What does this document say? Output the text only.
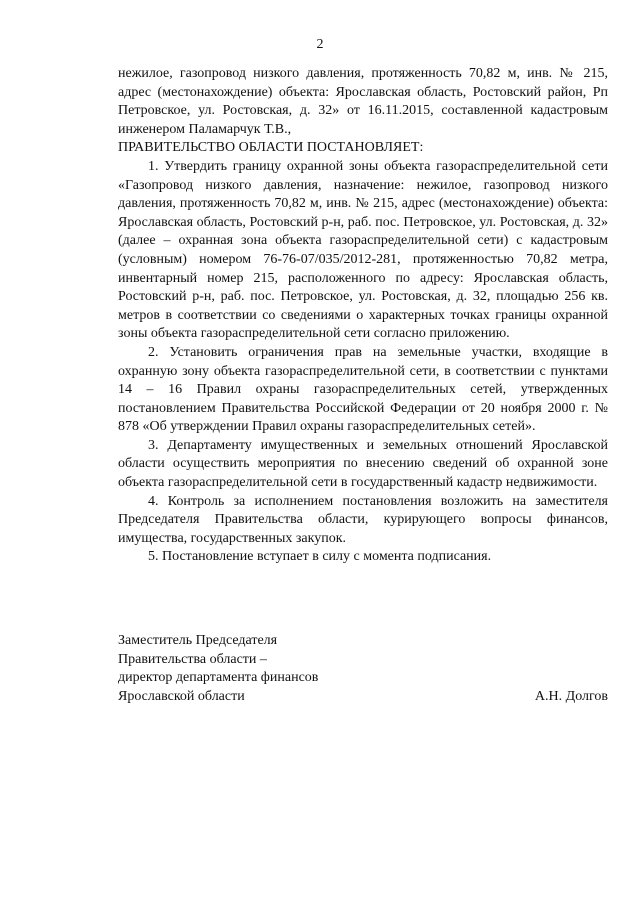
2

нежилое, газопровод низкого давления, протяженность 70,82 м, инв. № 215, адрес (местонахождение) объекта: Ярославская область, Ростовский район, Рп Петровское, ул. Ростовская, д. 32» от 16.11.2015, составленной кадастровым инженером Паламарчук Т.В.,

ПРАВИТЕЛЬСТВО ОБЛАСТИ ПОСТАНОВЛЯЕТ:

1. Утвердить границу охранной зоны объекта газораспределительной сети «Газопровод низкого давления, назначение: нежилое, газопровод низкого давления, протяженность 70,82 м, инв. № 215, адрес (местонахождение) объекта: Ярославская область, Ростовский р-н, раб. пос. Петровское, ул. Ростовская, д. 32» (далее – охранная зона объекта газораспределительной сети) с кадастровым (условным) номером 76-76-07/035/2012-281, протяженностью 70,82 метра, инвентарный номер 215, расположенного по адресу: Ярославская область, Ростовский р-н, раб. пос. Петровское, ул. Ростовская, д. 32, площадью 256 кв. метров в соответствии со сведениями о характерных точках границы охранной зоны объекта газораспределительной сети согласно приложению.

2. Установить ограничения прав на земельные участки, входящие в охранную зону объекта газораспределительной сети, в соответствии с пунктами 14 – 16 Правил охраны газораспределительных сетей, утвержденных постановлением Правительства Российской Федерации от 20 ноября 2000 г. № 878 «Об утверждении Правил охраны газораспределительных сетей».

3. Департаменту имущественных и земельных отношений Ярославской области осуществить мероприятия по внесению сведений об охранной зоне объекта газораспределительной сети в государственный кадастр недвижимости.

4. Контроль за исполнением постановления возложить на заместителя Председателя Правительства области, курирующего вопросы финансов, имущества, государственных закупок.

5. Постановление вступает в силу с момента подписания.

Заместитель Председателя
Правительства области –
директор департамента финансов
Ярославской области	А.Н. Долгов
